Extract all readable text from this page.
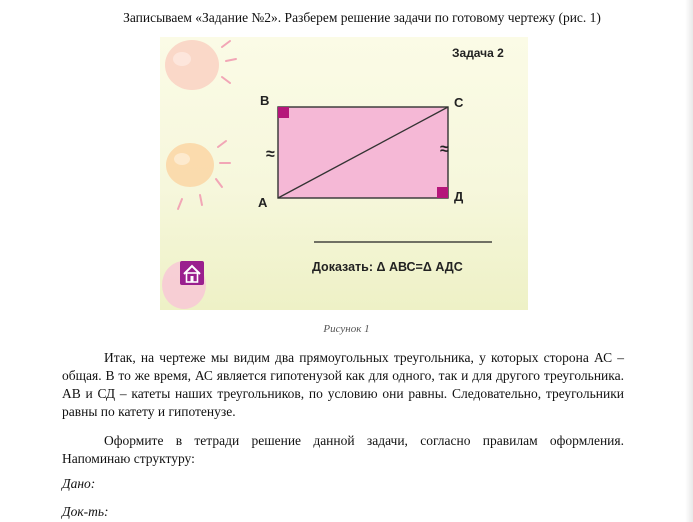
Записываем «Задание №2». Разберем решение задачи по готовому чертежу (рис. 1)
Задача 2
В	С
А	Д
≈	≈
Доказать: Δ АВС=Δ АДС
Рисунок 1

Итак, на чертеже мы видим два прямоугольных треугольника, у которых сторона АС – общая. В то же время, АС является гипотенузой как для одного, так и для другого треугольника. АВ и СД – катеты наших треугольников, по условию они равны. Следовательно, треугольники равны по катету и гипотенузе.

Оформите в тетради решение данной задачи, согласно правилам оформления. Напоминаю структуру:

Дано:
Док-ть:
